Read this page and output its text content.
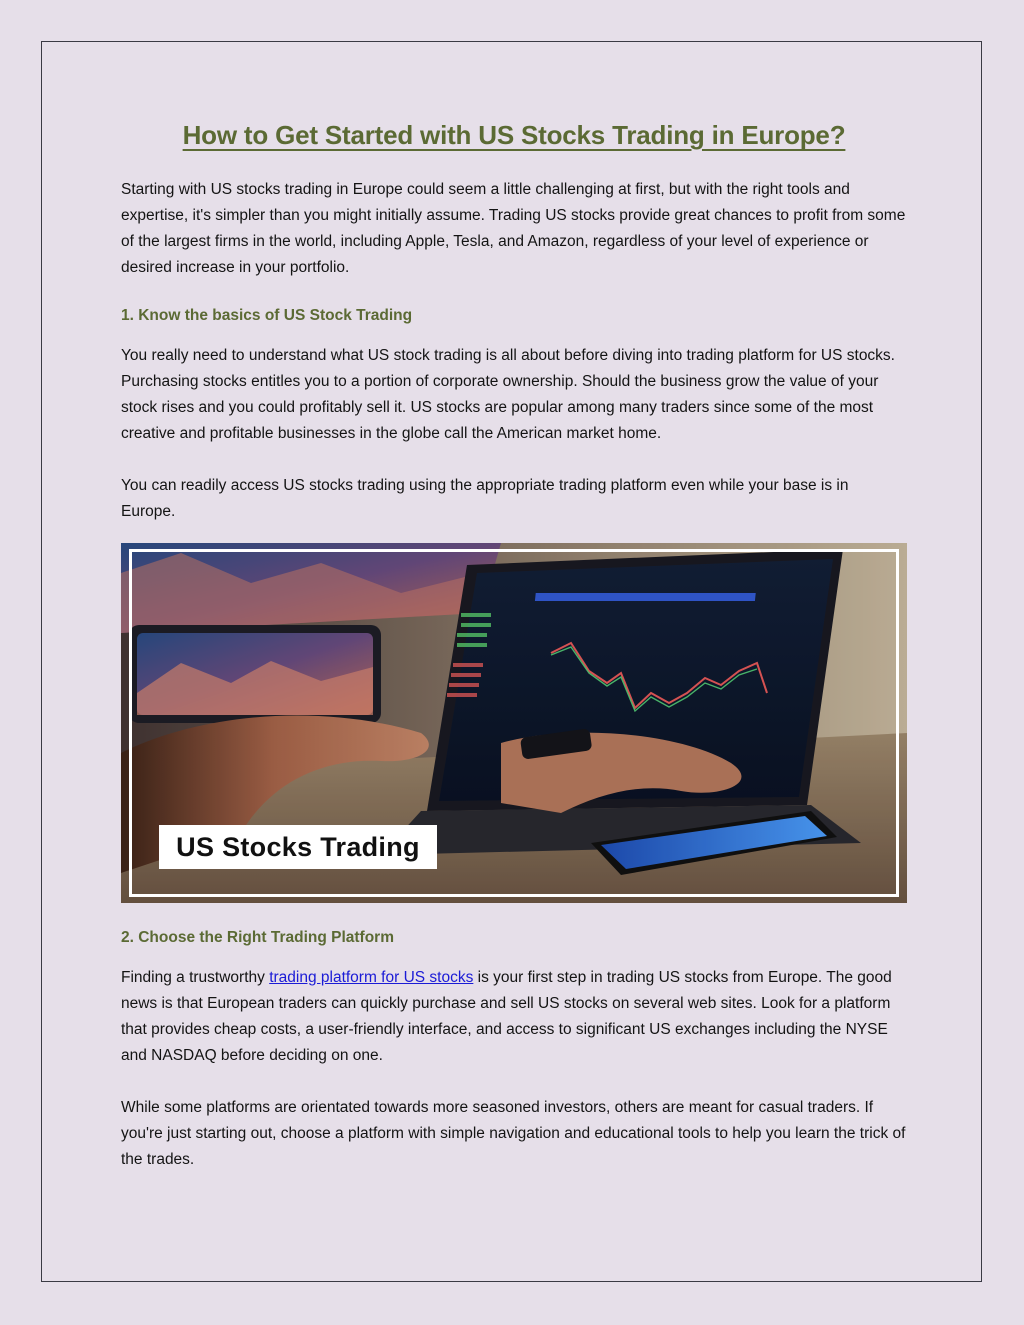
How to Get Started with US Stocks Trading in Europe?

Starting with US stocks trading in Europe could seem a little challenging at first, but with the right tools and expertise, it's simpler than you might initially assume. Trading US stocks provide great chances to profit from some of the largest firms in the world, including Apple, Tesla, and Amazon, regardless of your level of experience or desired increase in your portfolio.

1. Know the basics of US Stock Trading

You really need to understand what US stock trading is all about before diving into trading platform for US stocks. Purchasing stocks entitles you to a portion of corporate ownership. Should the business grow the value of your stock rises and you could profitably sell it. US stocks are popular among many traders since some of the most creative and profitable businesses in the globe call the American market home.

You can readily access US stocks trading using the appropriate trading platform even while your base is in Europe.

US Stocks Trading
2. Choose the Right Trading Platform

Finding a trustworthy trading platform for US stocks is your first step in trading US stocks from Europe. The good news is that European traders can quickly purchase and sell US stocks on several web sites. Look for a platform that provides cheap costs, a user-friendly interface, and access to significant US exchanges including the NYSE and NASDAQ before deciding on one.

While some platforms are orientated towards more seasoned investors, others are meant for casual traders. If you're just starting out, choose a platform with simple navigation and educational tools to help you learn the trick of the trades.
